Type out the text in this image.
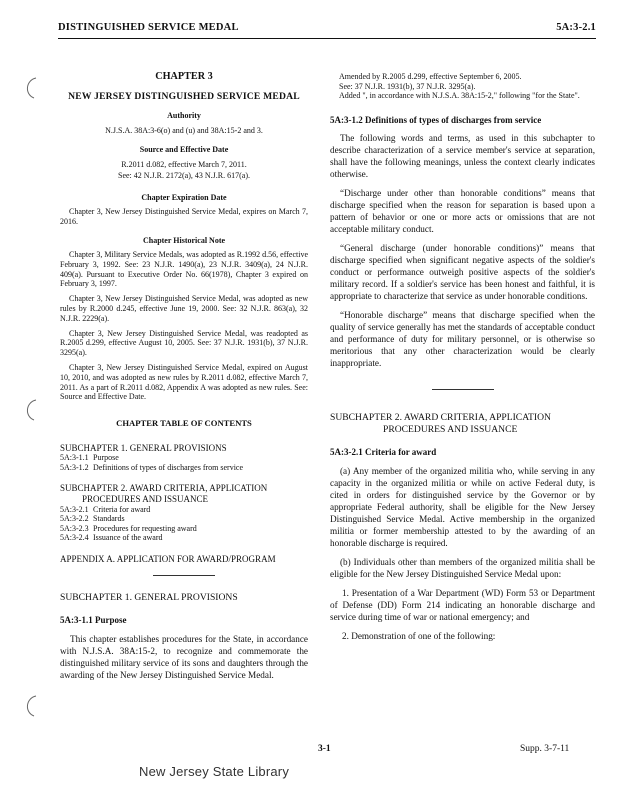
DISTINGUISHED SERVICE MEDAL	5A:3-2.1
CHAPTER 3
NEW JERSEY DISTINGUISHED SERVICE MEDAL
Authority
N.J.S.A. 38A:3-6(o) and (u) and 38A:15-2 and 3.
Source and Effective Date
R.2011 d.082, effective March 7, 2011.
See: 42 N.J.R. 2172(a), 43 N.J.R. 617(a).
Chapter Expiration Date
Chapter 3, New Jersey Distinguished Service Medal, expires on March 7, 2016.
Chapter Historical Note
Chapter 3, Military Service Medals, was adopted as R.1992 d.56, effective February 3, 1992. See: 23 N.J.R. 1490(a), 23 N.J.R. 3409(a), 24 N.J.R. 409(a). Pursuant to Executive Order No. 66(1978), Chapter 3 expired on February 3, 1997.
Chapter 3, New Jersey Distinguished Service Medal, was adopted as new rules by R.2000 d.245, effective June 19, 2000. See: 32 N.J.R. 863(a), 32 N.J.R. 2229(a).
Chapter 3, New Jersey Distinguished Service Medal, was readopted as R.2005 d.299, effective August 10, 2005. See: 37 N.J.R. 1931(b), 37 N.J.R. 3295(a).
Chapter 3, New Jersey Distinguished Service Medal, expired on August 10, 2010, and was adopted as new rules by R.2011 d.082, effective March 7, 2011. As a part of R.2011 d.082, Appendix A was adopted as new rules. See: Source and Effective Date.
CHAPTER TABLE OF CONTENTS
SUBCHAPTER 1. GENERAL PROVISIONS
5A:3-1.1 Purpose
5A:3-1.2 Definitions of types of discharges from service
SUBCHAPTER 2. AWARD CRITERIA, APPLICATION
PROCEDURES AND ISSUANCE
5A:3-2.1 Criteria for award
5A:3-2.2 Standards
5A:3-2.3 Procedures for requesting award
5A:3-2.4 Issuance of the award
APPENDIX A. APPLICATION FOR AWARD/PROGRAM
SUBCHAPTER 1. GENERAL PROVISIONS
5A:3-1.1 Purpose
This chapter establishes procedures for the State, in accordance with N.J.S.A. 38A:15-2, to recognize and commemorate the distinguished military service of its sons and daughters through the awarding of the New Jersey Distinguished Service Medal.
Amended by R.2005 d.299, effective September 6, 2005.
See: 37 N.J.R. 1931(b), 37 N.J.R. 3295(a).
Added ", in accordance with N.J.S.A. 38A:15-2," following "for the State".
5A:3-1.2 Definitions of types of discharges from service
The following words and terms, as used in this subchapter to describe characterization of a service member's service at separation, shall have the following meanings, unless the context clearly indicates otherwise.
“Discharge under other than honorable conditions” means that discharge specified when the reason for separation is based upon a pattern of behavior or one or more acts or omissions that are not acceptable military conduct.
“General discharge (under honorable conditions)” means that discharge specified when significant negative aspects of the soldier's conduct or performance outweigh positive aspects of the soldier's military record. If a soldier's service has been honest and faithful, it is appropriate to characterize that service as under honorable conditions.
“Honorable discharge” means that discharge specified when the quality of service generally has met the standards of acceptable conduct and performance of duty for military personnel, or is otherwise so meritorious that any other characterization would be clearly inappropriate.
SUBCHAPTER 2. AWARD CRITERIA, APPLICATION
PROCEDURES AND ISSUANCE
5A:3-2.1 Criteria for award
(a) Any member of the organized militia who, while serving in any capacity in the organized militia or while on active Federal duty, is cited in orders for distinguished service by the Governor or by appropriate Federal authority, shall be eligible for the New Jersey Distinguished Service Medal. Active membership in the organized militia or former membership attested to by the awarding of an honorable discharge is required.
(b) Individuals other than members of the organized militia shall be eligible for the New Jersey Distinguished Service Medal upon:
1. Presentation of a War Department (WD) Form 53 or Department of Defense (DD) Form 214 indicating an honorable discharge and service during time of war or national emergency; and
2. Demonstration of one of the following:
3-1	Supp. 3-7-11
New Jersey State Library
